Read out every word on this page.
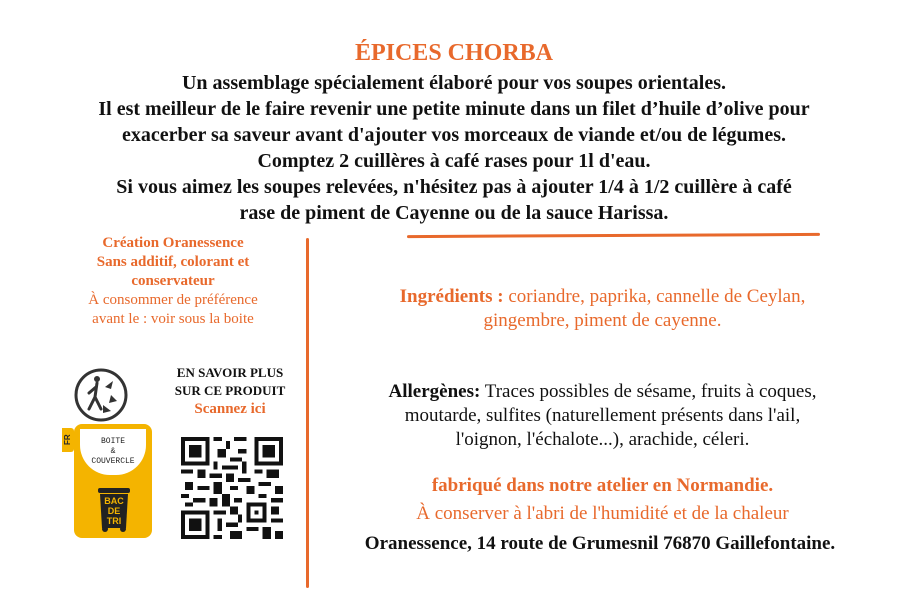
ÉPICES CHORBA

Un assemblage spécialement élaboré pour vos soupes orientales.
Il est meilleur de le faire revenir une petite minute dans un filet d’huile d’olive pour
exacerber sa saveur avant d'ajouter vos morceaux de viande et/ou de légumes.
Comptez 2 cuillères à café rases pour 1l d'eau.
Si vous aimez les soupes relevées, n'hésitez pas à ajouter 1/4 à 1/2 cuillère à café
rase de piment de Cayenne ou de la sauce Harissa.

Création Oranessence
Sans additif, colorant et conservateur
À consommer de préférence
avant le : voir sous la boite
FR	BOITE
&
COUVERCLE
BAC
DE
TRI
EN SAVOIR PLUS
SUR CE PRODUIT
Scannez ici
Ingrédients : coriandre, paprika, cannelle de Ceylan,
gingembre, piment de cayenne.
Allergènes: Traces possibles de sésame, fruits à coques,
moutarde, sulfites (naturellement présents dans l'ail,
l'oignon, l'échalote...), arachide, céleri.
fabriqué dans notre atelier en Normandie.
À conserver à l'abri de l'humidité et de la chaleur
Oranessence, 14 route de Grumesnil 76870 Gaillefontaine.
